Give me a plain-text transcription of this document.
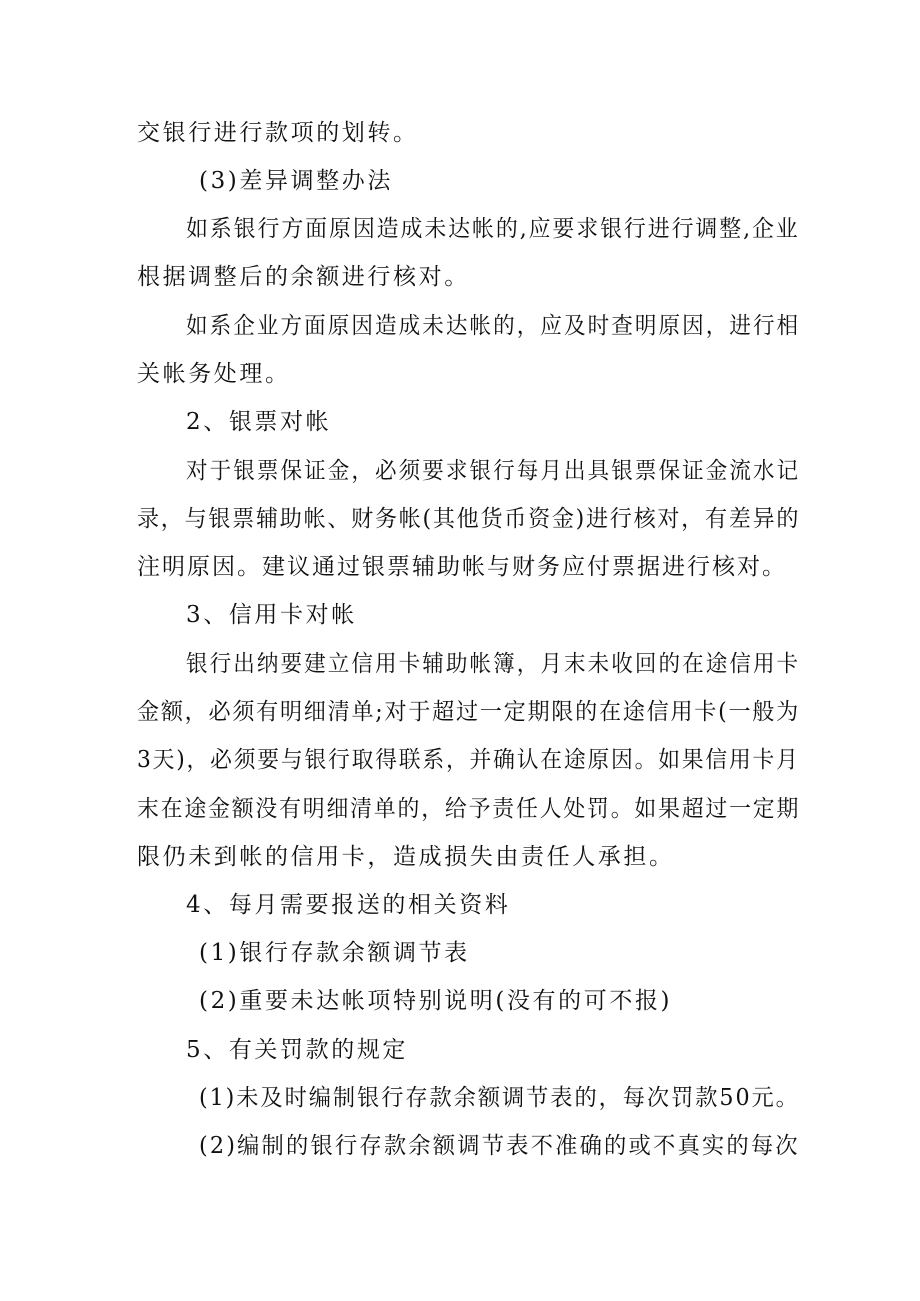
交银行进行款项的划转。
(3)差异调整办法
如系银行方面原因造成未达帐的,应要求银行进行调整,企业
根据调整后的余额进行核对。
如系企业方面原因造成未达帐的，应及时查明原因，进行相
关帐务处理。
2、银票对帐
对于银票保证金，必须要求银行每月出具银票保证金流水记
录，与银票辅助帐、财务帐(其他货币资金)进行核对，有差异的
注明原因。建议通过银票辅助帐与财务应付票据进行核对。
3、信用卡对帐
银行出纳要建立信用卡辅助帐簿，月末未收回的在途信用卡
金额，必须有明细清单;对于超过一定期限的在途信用卡(一般为
3天)，必须要与银行取得联系，并确认在途原因。如果信用卡月
末在途金额没有明细清单的，给予责任人处罚。如果超过一定期
限仍未到帐的信用卡，造成损失由责任人承担。
4、每月需要报送的相关资料
(1)银行存款余额调节表
(2)重要未达帐项特别说明(没有的可不报)
5、有关罚款的规定
(1)未及时编制银行存款余额调节表的，每次罚款50元。
(2)编制的银行存款余额调节表不准确的或不真实的每次
